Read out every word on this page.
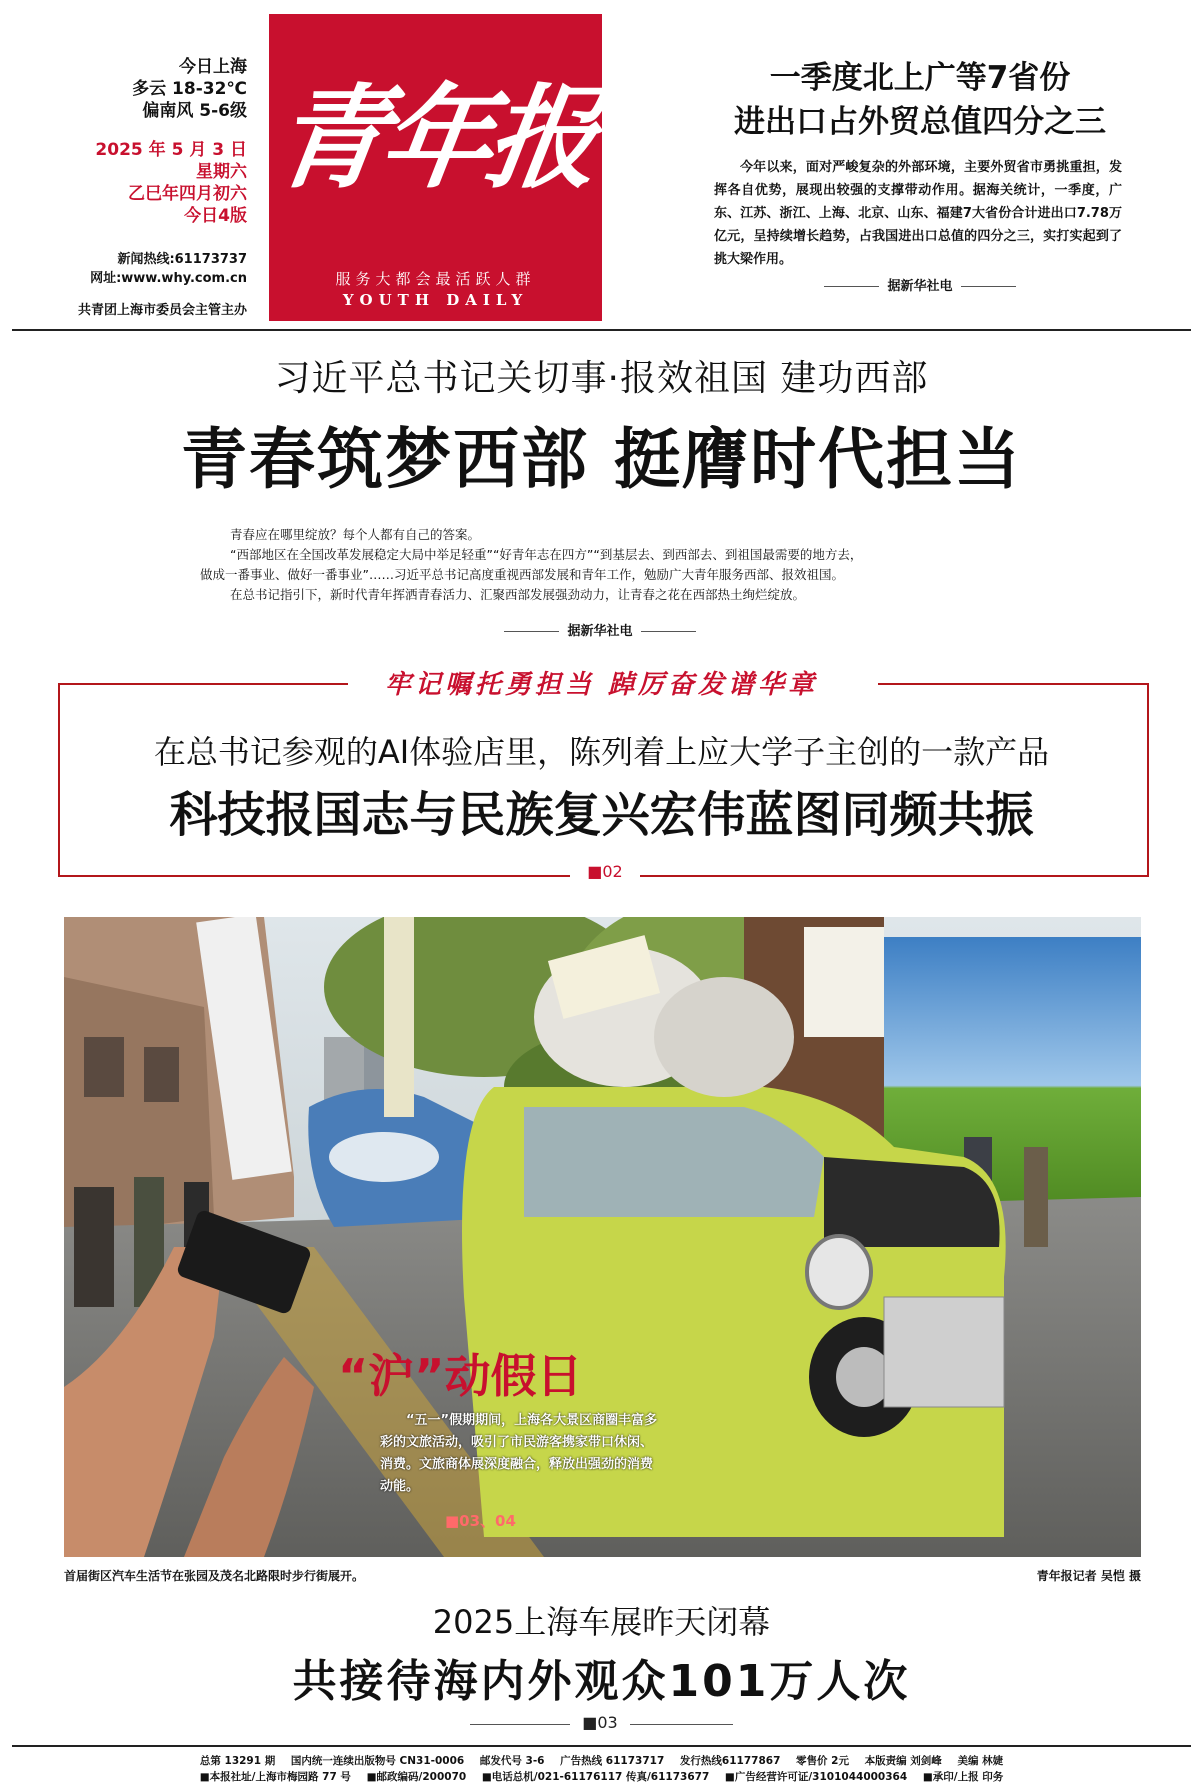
今日上海
多云 18-32℃
偏南风 5-6级
2025 年 5 月 3 日
星期六
乙巳年四月初六
今日4版
新闻热线:61173737
网址:www.why.com.cn
共青团上海市委员会主管主办
青年报
服务大都会最活跃人群
YOUTH DAILY
一季度北上广等7省份
进出口占外贸总值四分之三
今年以来，面对严峻复杂的外部环境，主要外贸省市勇挑重担，发挥各自优势，展现出较强的支撑带动作用。据海关统计，一季度，广东、江苏、浙江、上海、北京、山东、福建7大省份合计进出口7.78万亿元，呈持续增长趋势，占我国进出口总值的四分之三，实打实起到了挑大梁作用。
据新华社电
习近平总书记关切事·报效祖国 建功西部
青春筑梦西部 挺膺时代担当

青春应在哪里绽放？每个人都有自己的答案。

“西部地区在全国改革发展稳定大局中举足轻重”“好青年志在四方”“到基层去、到西部去、到祖国最需要的地方去，

做成一番事业、做好一番事业”……习近平总书记高度重视西部发展和青年工作，勉励广大青年服务西部、报效祖国。

在总书记指引下，新时代青年挥洒青春活力、汇聚西部发展强劲动力，让青春之花在西部热土绚烂绽放。

据新华社电
牢记嘱托勇担当 踔厉奋发谱华章
在总书记参观的AI体验店里，陈列着上应大学子主创的一款产品
科技报国志与民族复兴宏伟蓝图同频共振
■02
“沪”动假日
“五一”假期期间，上海各大景区商圈丰富多彩的文旅活动，吸引了市民游客携家带口休闲、消费。文旅商体展深度融合，释放出强劲的消费动能。
■03、04
首届街区汽车生活节在张园及茂名北路限时步行街展开。	青年报记者 吴恺 摄
2025上海车展昨天闭幕
共接待海内外观众101万人次
■03
总第 13291 期 国内统一连续出版物号 CN31-0006 邮发代号 3-6 广告热线 61173717 发行热线61177867 零售价 2元 本版责编 刘剑峰 美编 林婕
■本报社址/上海市梅园路 77 号 ■邮政编码/200070 ■电话总机/021-61176117 传真/61173677 ■广告经营许可证/3101044000364 ■承印/上报 印务
